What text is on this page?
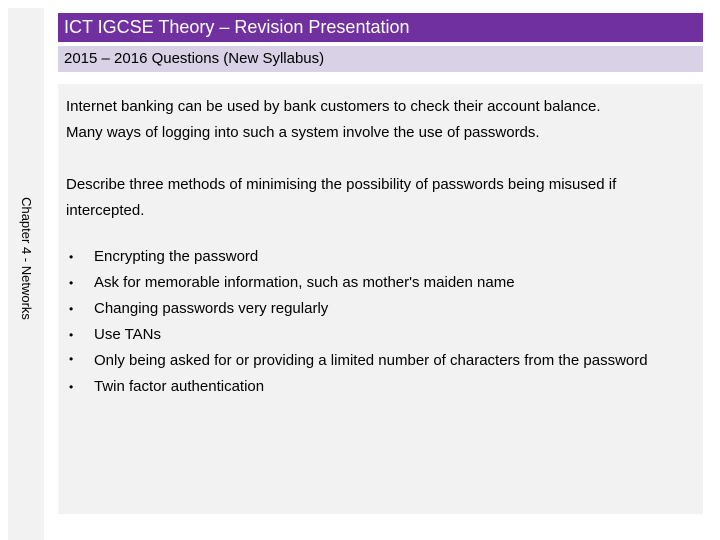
Chapter 4 - Networks
ICT IGCSE Theory – Revision Presentation
2015 – 2016 Questions (New Syllabus)
Internet banking can be used by bank customers to check their account balance.
Many ways of logging into such a system involve the use of passwords.
Describe three methods of minimising the possibility of passwords being misused if intercepted.
• Encrypting the password
• Ask for memorable information, such as mother's maiden name
• Changing passwords very regularly
• Use TANs
• Only being asked for or providing a limited number of characters from the password
• Twin factor authentication
